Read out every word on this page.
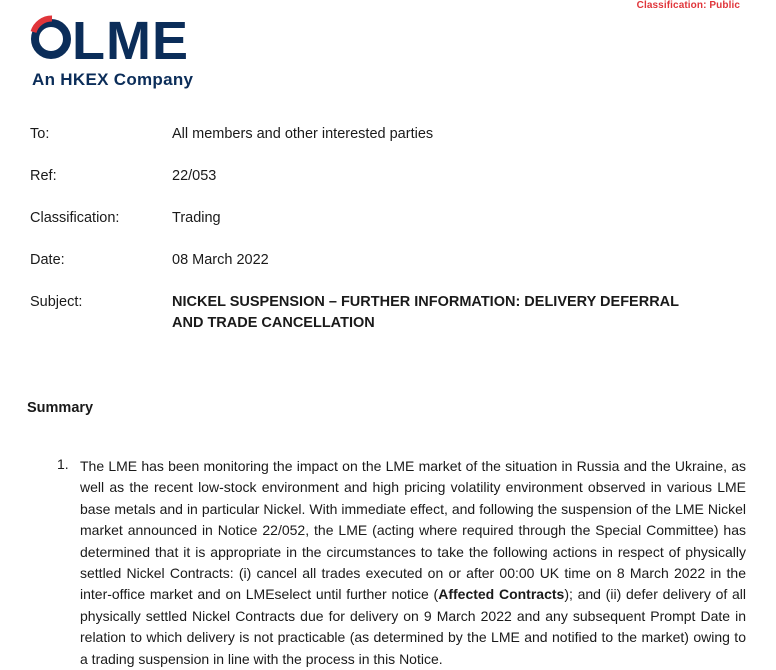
Classification: Public
LME
An HKEX Company
To:	All members and other interested parties
Ref:	22/053
Classification:	Trading
Date:	08 March 2022
Subject:	NICKEL SUSPENSION – FURTHER INFORMATION: DELIVERY DEFERRAL
AND TRADE CANCELLATION
Summary
1. The LME has been monitoring the impact on the LME market of the situation in Russia and the Ukraine, as well as the recent low-stock environment and high pricing volatility environment observed in various LME base metals and in particular Nickel. With immediate effect, and following the suspension of the LME Nickel market announced in Notice 22/052, the LME (acting where required through the Special Committee) has determined that it is appropriate in the circumstances to take the following actions in respect of physically settled Nickel Contracts: (i) cancel all trades executed on or after 00:00 UK time on 8 March 2022 in the inter-office market and on LMEselect until further notice (Affected Contracts); and (ii) defer delivery of all physically settled Nickel Contracts due for delivery on 9 March 2022 and any subsequent Prompt Date in relation to which delivery is not practicable (as determined by the LME and notified to the market) owing to a trading suspension in line with the process in this Notice.
